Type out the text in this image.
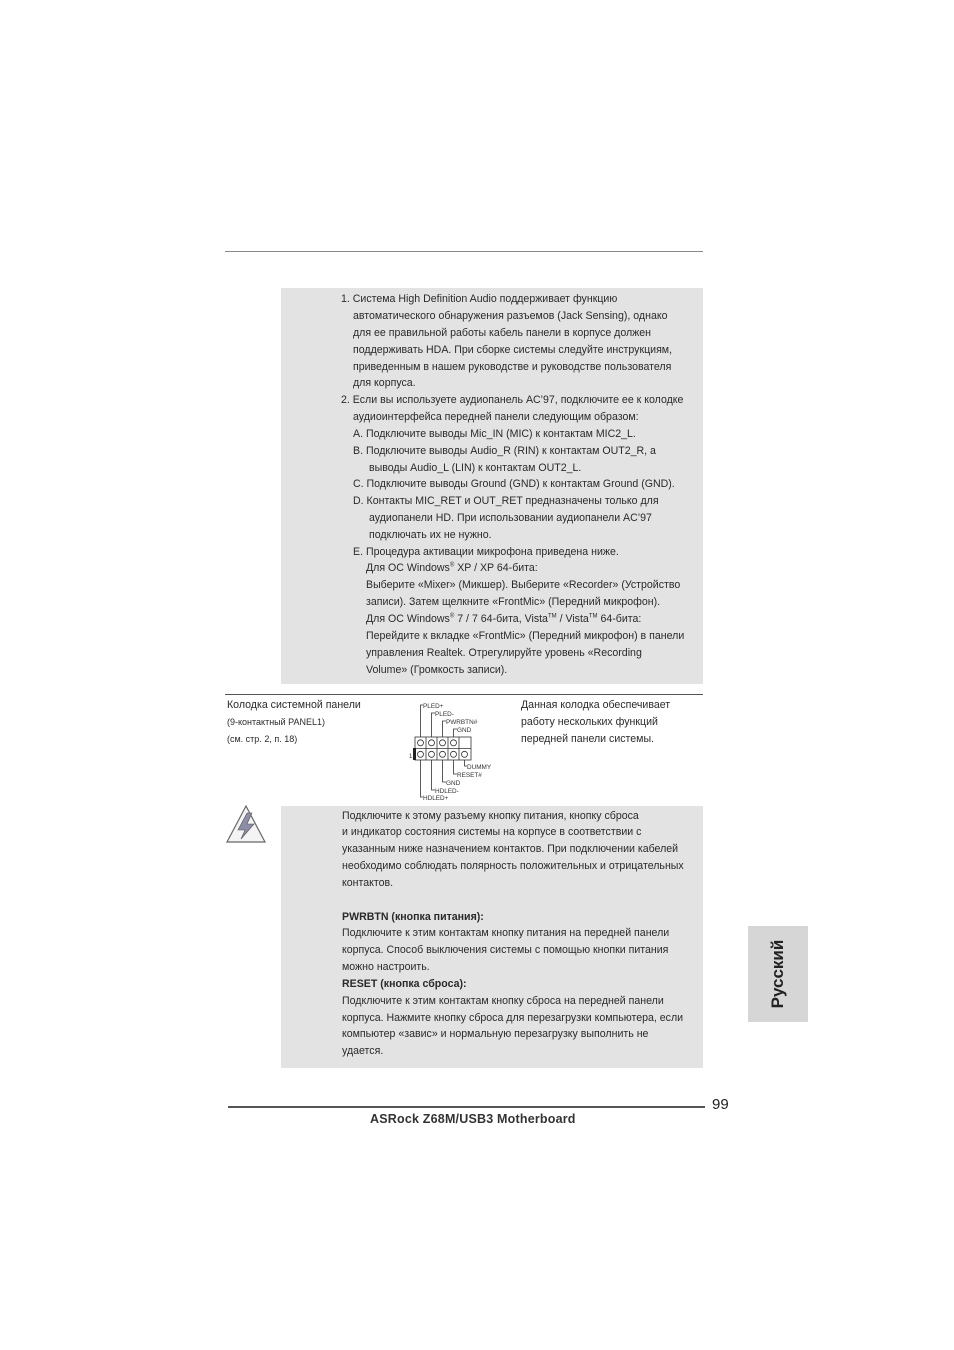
1. Система High Definition Audio поддерживает функцию
автоматического обнаружения разъемов (Jack Sensing), однако
для ее правильной работы кабель панели в корпусе должен
поддерживать HDA. При сборке системы следуйте инструкциям,
приведенным в нашем руководстве и руководстве пользователя
для корпуса.
2. Если вы используете аудиопанель AC’97, подключите ее к колодке
аудиоинтерфейса передней панели следующим образом:
A. Подключите выводы Mic_IN (MIC) к контактам MIC2_L.
B. Подключите выводы Audio_R (RIN) к контактам OUT2_R, а
выводы Audio_L (LIN) к контактам OUT2_L.
C. Подключите выводы Ground (GND) к контактам Ground (GND).
D. Контакты MIC_RET и OUT_RET предназначены только для
аудиопанели HD. При использовании аудиопанели AC’97
подключать их не нужно.
E. Процедура активации микрофона приведена ниже.
Для ОС Windows® XP / XP 64-бита:
Выберите «Mixer» (Микшер). Выберите «Recorder» (Устройство
записи). Затем щелкните «FrontMic» (Передний микрофон).
Для ОС Windows® 7 / 7 64-бита, Vista™ / Vista™ 64-бита:
Перейдите к вкладке «FrontMic» (Передний микрофон) в панели
управления Realtek. Отрегулируйте уровень «Recording
Volume» (Громкость записи).
Колодка системной панели
(9-контактный PANEL1)
(см. стр. 2, п. 18)
Данная колодка обеспечивает
работу нескольких функций
передней панели системы.
PLED+
PLED-
PWRBTN#
GND
1
DUMMY
RESET#
GND
HDLED-
HDLED+
Подключите к этому разъему кнопку питания, кнопку сброса
и индикатор состояния системы на корпусе в соответствии с
указанным ниже назначением контактов. При подключении кабелей
необходимо соблюдать полярность положительных и отрицательных
контактов.
PWRBTN (кнопка питания):
Подключите к этим контактам кнопку питания на передней панели
корпуса. Способ выключения системы с помощью кнопки питания
можно настроить.
RESET (кнопка сброса):
Подключите к этим контактам кнопку сброса на передней панели
корпуса. Нажмите кнопку сброса для перезагрузки компьютера, если
компьютер «завис» и нормальную перезагрузку выполнить не
удается.
Русский
99
ASRock Z68M/USB3 Motherboard
